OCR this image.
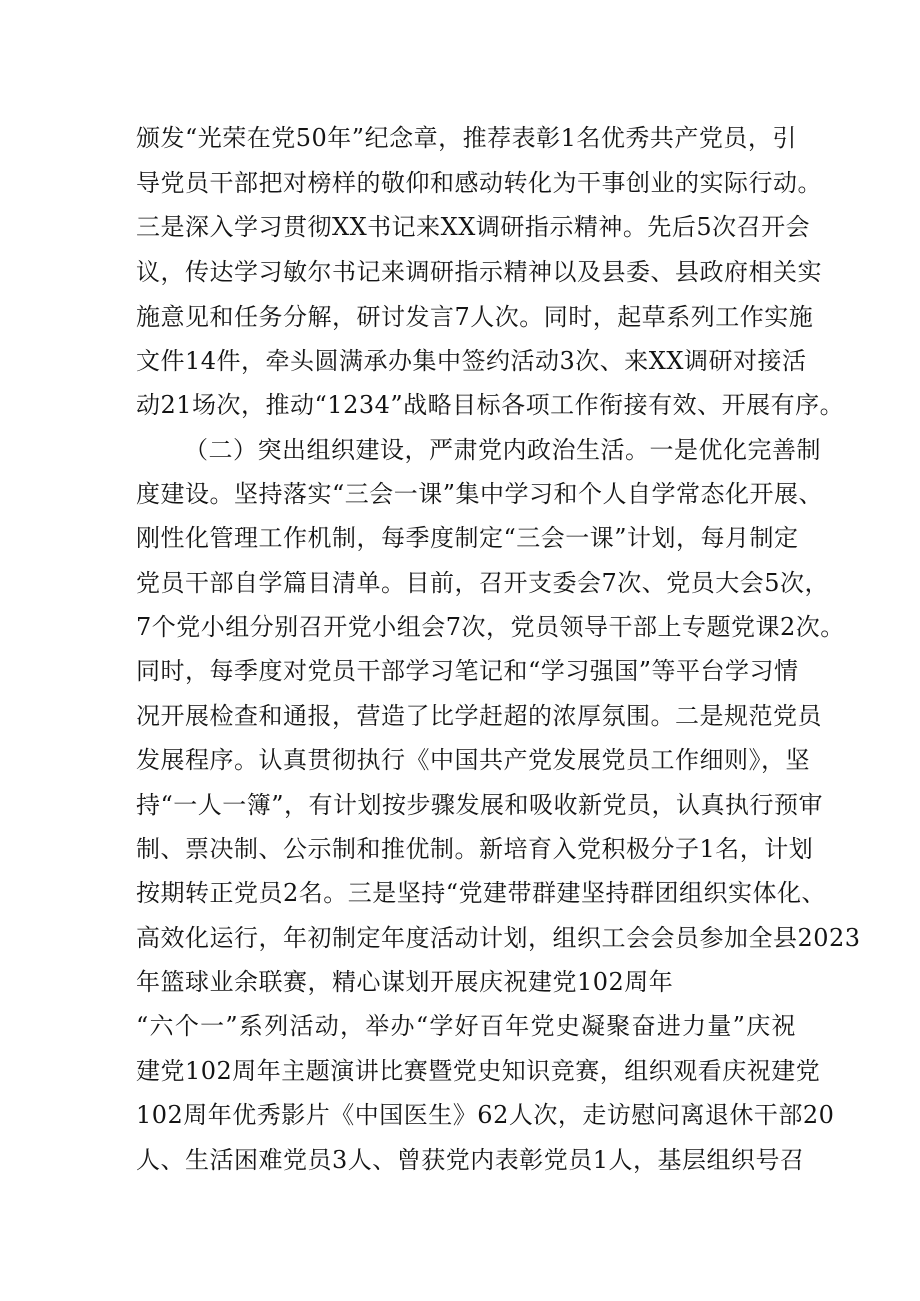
颁发“光荣在党50年”纪念章，推荐表彰1名优秀共产党员，引
导党员干部把对榜样的敬仰和感动转化为干事创业的实际行动。
三是深入学习贯彻XX书记来XX调研指示精神。先后5次召开会
议，传达学习敏尔书记来调研指示精神以及县委、县政府相关实
施意见和任务分解，研讨发言7人次。同时，起草系列工作实施
文件14件，牵头圆满承办集中签约活动3次、来XX调研对接活
动21场次，推动“1234”战略目标各项工作衔接有效、开展有序。
（二）突出组织建设，严肃党内政治生活。一是优化完善制
度建设。坚持落实“三会一课”集中学习和个人自学常态化开展、
刚性化管理工作机制，每季度制定“三会一课”计划，每月制定
党员干部自学篇目清单。目前，召开支委会7次、党员大会5次，
7个党小组分别召开党小组会7次，党员领导干部上专题党课2次。
同时，每季度对党员干部学习笔记和“学习强国”等平台学习情
况开展检查和通报，营造了比学赶超的浓厚氛围。二是规范党员
发展程序。认真贯彻执行《中国共产党发展党员工作细则》，坚
持“一人一簿”，有计划按步骤发展和吸收新党员，认真执行预审
制、票决制、公示制和推优制。新培育入党积极分子1名，计划
按期转正党员2名。三是坚持“党建带群建坚持群团组织实体化、
高效化运行，年初制定年度活动计划，组织工会会员参加全县2023
年篮球业余联赛，精心谋划开展庆祝建党102周年
“六个一”系列活动，举办“学好百年党史凝聚奋进力量”庆祝
建党102周年主题演讲比赛暨党史知识竞赛，组织观看庆祝建党
102周年优秀影片《中国医生》62人次，走访慰问离退休干部20
人、生活困难党员3人、曾获党内表彰党员1人，基层组织号召
